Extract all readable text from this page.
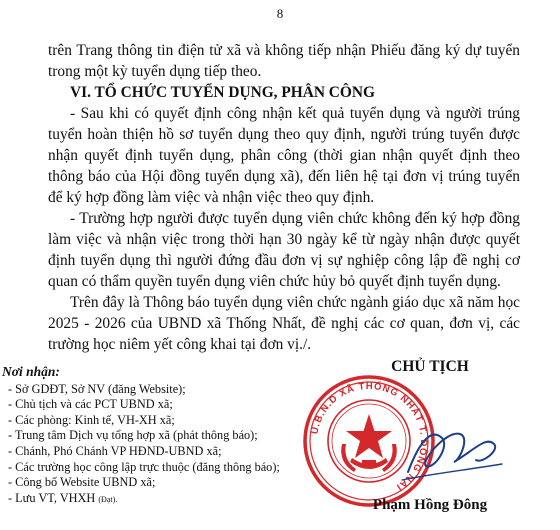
8

trên Trang thông tin điện tử xã và không tiếp nhận Phiếu đăng ký dự tuyển trong một kỳ tuyển dụng tiếp theo.

VI. TỔ CHỨC TUYỂN DỤNG, PHÂN CÔNG

- Sau khi có quyết định công nhận kết quả tuyển dụng và người trúng tuyển hoàn thiện hồ sơ tuyển dụng theo quy định, người trúng tuyển được nhận quyết định tuyển dụng, phân công (thời gian nhận quyết định theo thông báo của Hội đồng tuyển dụng xã), đến liên hệ tại đơn vị trúng tuyển để ký hợp đồng làm việc và nhận việc theo quy định.

- Trường hợp người được tuyển dụng viên chức không đến ký hợp đồng làm việc và nhận việc trong thời hạn 30 ngày kể từ ngày nhận được quyết định tuyển dụng thì người đứng đầu đơn vị sự nghiệp công lập đề nghị cơ quan có thẩm quyền tuyển dụng viên chức hủy bỏ quyết định tuyển dụng.

Trên đây là Thông báo tuyển dụng viên chức ngành giáo dục xã năm học 2025 - 2026 của UBND xã Thống Nhất, đề nghị các cơ quan, đơn vị, các trường học niêm yết công khai tại đơn vị./.

Nơi nhận:
- Sở GDĐT, Sở NV (đăng Website);
- Chủ tịch và các PCT UBND xã;
- Các phòng: Kinh tế, VH-XH xã;
- Trung tâm Dịch vụ tổng hợp xã (phát thông báo);
- Chánh, Phó Chánh VP HĐND-UBND xã;
- Các trường học công lập trực thuộc (đăng thông báo);
- Công bố Website UBND xã;
- Lưu VT, VHXH (Đạt).
CHỦ TỊCH
U.B.N.D XÃ THỐNG NHẤT T. ĐỒNG NAI
Phạm Hồng Đông
